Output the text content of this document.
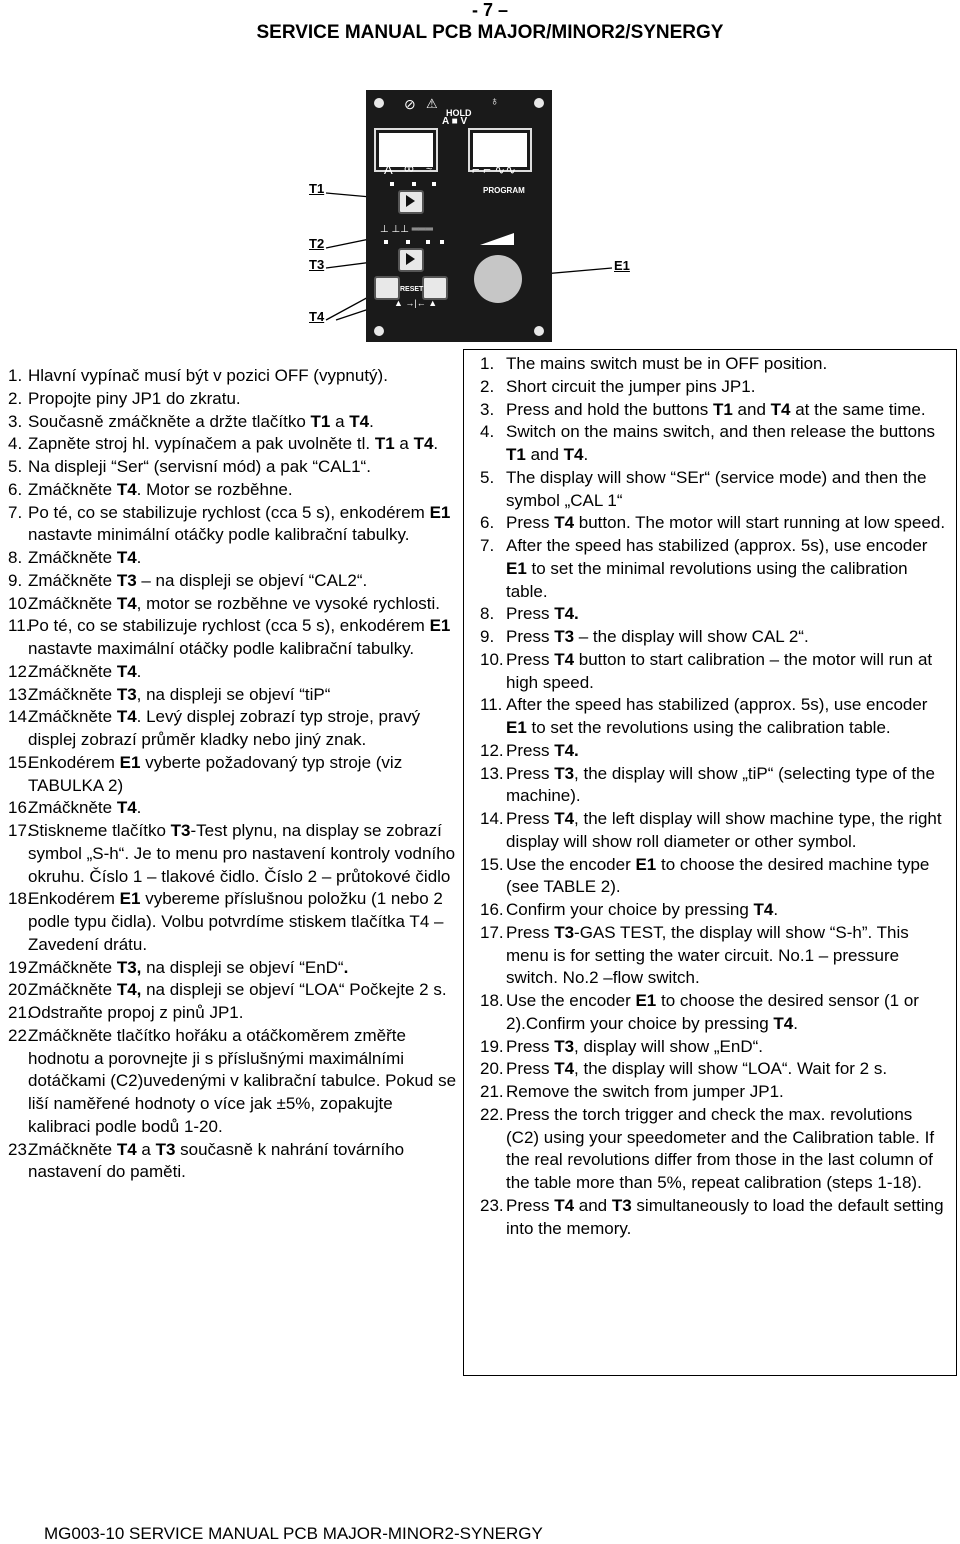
- 7 –
SERVICE MANUAL PCB MAJOR/MINOR2/SYNERGY
T1
T2
T3
T4
E1
⊘ ⚠	♁
HOLD
A ■ V
A ∞ ≈	⌐ ⌐ ∿∿
PROGRAM
⊥ ⊥⊥ ═══
RESET
▲ →|← ▲
1. Hlavní vypínač musí být v pozici OFF (vypnutý).
2. Propojte piny JP1 do zkratu.
3. Současně zmáčkněte a držte tlačítko T1 a T4.
4. Zapněte stroj hl. vypínačem a pak uvolněte tl. T1 a T4.
5. Na displeji “Ser“ (servisní mód) a pak “CAL1“.
6. Zmáčkněte T4. Motor se rozběhne.
7. Po té, co se stabilizuje rychlost (cca 5 s), enkodérem E1 nastavte minimální otáčky podle kalibrační tabulky.
8. Zmáčkněte T4.
9. Zmáčkněte T3 – na displeji se objeví “CAL2“.
10.
Zmáčkněte T4, motor se rozběhne ve vysoké rychlosti.
11.
Po té, co se stabilizuje rychlost (cca 5 s), enkodérem E1 nastavte maximální otáčky podle kalibrační tabulky.
12.
Zmáčkněte T4.
13.
Zmáčkněte T3, na displeji se objeví “tiP“
14.
Zmáčkněte T4. Levý displej zobrazí typ stroje, pravý displej zobrazí průměr kladky nebo jiný znak.
15.
Enkodérem E1 vyberte požadovaný typ stroje (viz TABULKA 2)
16.
Zmáčkněte T4.
17.
Stiskneme tlačítko T3-Test plynu, na display se zobrazí symbol „S-h“. Je to menu pro nastavení kontroly vodního okruhu. Číslo 1 – tlakové čidlo. Číslo 2 – průtokové čidlo
18.
Enkodérem E1 vybereme příslušnou položku (1 nebo 2 podle typu čidla). Volbu potvrdíme stiskem tlačítka T4 – Zavedení drátu.
19.
Zmáčkněte T3, na displeji se objeví “EnD“.
20.
Zmáčkněte T4, na displeji se objeví “LOA“ Počkejte 2 s.
21.
Odstraňte propoj z pinů JP1.
22.
Zmáčkněte tlačítko hořáku a otáčkoměrem změřte hodnotu a porovnejte ji s příslušnými maximálními dotáčkami (C2)uvedenými v kalibrační tabulce. Pokud se liší naměřené hodnoty o více jak ±5%, zopakujte kalibraci podle bodů 1-20.
23.
Zmáčkněte T4 a T3 současně k nahrání továrního nastavení do paměti.
1. The mains switch must be in OFF position.
2. Short circuit the jumper pins JP1.
3. Press and hold the buttons T1 and T4 at the same time.
4. Switch on the mains switch, and then release the buttons T1 and T4.
5. The display will show “SEr“ (service mode) and then the symbol „CAL 1“
6. Press T4 button. The motor will start running at low speed.
7. After the speed has stabilized (approx. 5s), use encoder E1 to set the minimal revolutions using the calibration table.
8. Press T4.
9. Press T3 – the display will show CAL 2“.
10. Press T4 button to start calibration – the motor will run at high speed.
11. After the speed has stabilized (approx. 5s), use encoder E1 to set the revolutions using the calibration table.
12. Press T4.
13. Press T3, the display will show „tiP“ (selecting type of the machine).
14. Press T4, the left display will show machine type, the right display will show roll diameter or other symbol.
15. Use the encoder E1 to choose the desired machine type (see TABLE 2).
16. Confirm your choice by pressing T4.
17. Press T3-GAS TEST, the display will show “S-h”. This menu is for setting the water circuit. No.1 – pressure switch. No.2 –flow switch.
18. Use the encoder E1 to choose the desired sensor (1 or 2).Confirm your choice by pressing T4.
19. Press T3, display will show „EnD“.
20. Press T4, the display will show “LOA“. Wait for 2 s.
21. Remove the switch from jumper JP1.
22. Press the torch trigger and check the max. revolutions (C2) using your speedometer and the Calibration table. If the real revolutions differ from those in the last column of the table more than 5%, repeat calibration (steps 1-18).
23. Press T4 and T3 simultaneously to load the default setting into the memory.
MG003-10 SERVICE MANUAL PCB MAJOR-MINOR2-SYNERGY
